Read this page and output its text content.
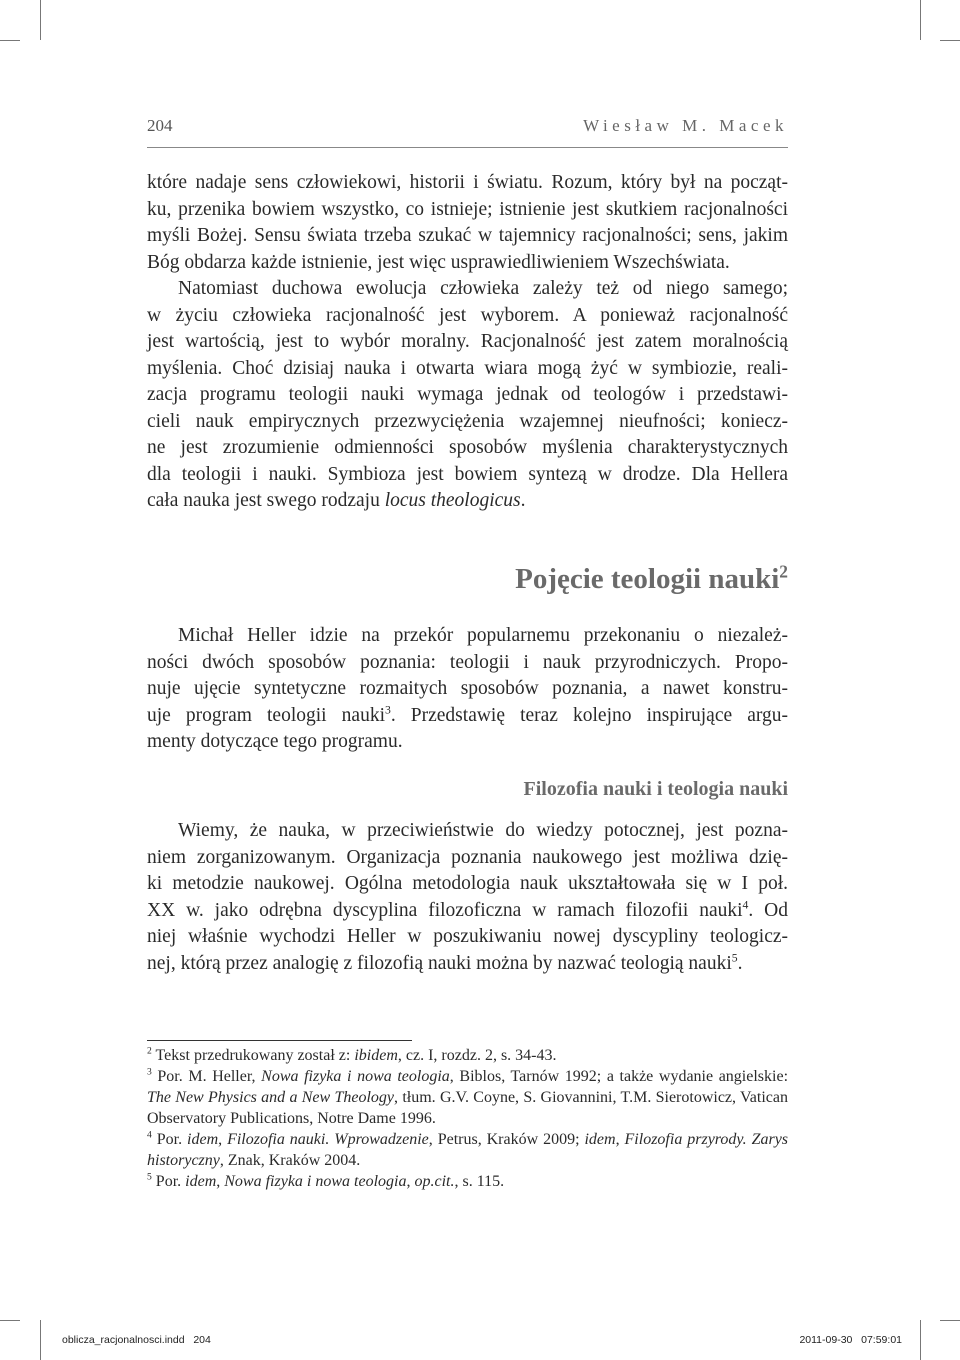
204	Wiesław M. Macek

które nadaje sens człowiekowi, historii i światu. Rozum, który był na począt-
ku, przenika bowiem wszystko, co istnieje; istnienie jest skutkiem racjonalności
myśli Bożej. Sensu świata trzeba szukać w tajemnicy racjonalności; sens, jakim
Bóg obdarza każde istnienie, jest więc usprawiedliwieniem Wszechświata.

Natomiast duchowa ewolucja człowieka zależy też od niego samego;
w życiu człowieka racjonalność jest wyborem. A ponieważ racjonalność
jest wartością, jest to wybór moralny. Racjonalność jest zatem moralnością
myślenia. Choć dzisiaj nauka i otwarta wiara mogą żyć w symbiozie, reali-
zacja programu teologii nauki wymaga jednak od teologów i przedstawi-
cieli nauk empirycznych przezwyciężenia wzajemnej nieufności; koniecz-
ne jest zrozumienie odmienności sposobów myślenia charakterystycznych
dla teologii i nauki. Symbioza jest bowiem syntezą w drodze. Dla Hellera
cała nauka jest swego rodzaju locus theologicus.

Pojęcie teologii nauki$^2$

Michał Heller idzie na przekór popularnemu przekonaniu o niezależ-
ności dwóch sposobów poznania: teologii i nauk przyrodniczych. Propo-
nuje ujęcie syntetyczne rozmaitych sposobów poznania, a nawet konstru-
uje program teologii nauki$^3$. Przedstawię teraz kolejno inspirujące argu-
menty dotyczące tego programu.

Filozofia nauki i teologia nauki

Wiemy, że nauka, w przeciwieństwie do wiedzy potocznej, jest pozna-
niem zorganizowanym. Organizacja poznania naukowego jest możliwa dzię-
ki metodzie naukowej. Ogólna metodologia nauk ukształtowała się w I poł.
XX w. jako odrębna dyscyplina filozoficzna w ramach filozofii nauki$^4$. Od
niej właśnie wychodzi Heller w poszukiwaniu nowej dyscypliny teologicz-
nej, którą przez analogię z filozofią nauki można by nazwać teologią nauki$^5$.

$^2$ Tekst przedrukowany został z: ibidem, cz. I, rozdz. 2, s. 34-43.

$^3$ Por. M. Heller, Nowa fizyka i nowa teologia, Biblos, Tarnów 1992; a także wydanie angielskie: The New Physics and a New Theology, tłum. G.V. Coyne, S. Giovannini, T.M. Sierotowicz, Vatican Observatory Publications, Notre Dame 1996.

$^4$ Por. idem, Filozofia nauki. Wprowadzenie, Petrus, Kraków 2009; idem, Filozofia przyrody. Zarys historyczny, Znak, Kraków 2004.

$^5$ Por. idem, Nowa fizyka i nowa teologia, op.cit., s. 115.

oblicza_racjonalnosci.indd   204	2011-09-30   07:59:01
